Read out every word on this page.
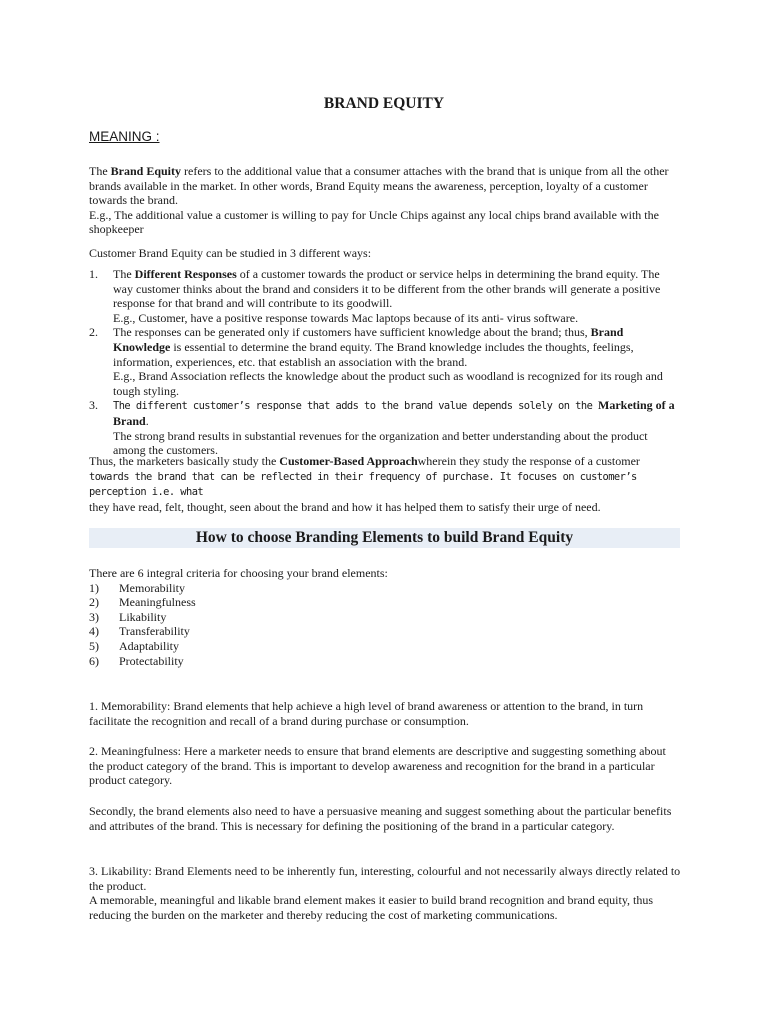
BRAND EQUITY
MEANING :

The Brand Equity refers to the additional value that a consumer attaches with the brand that is unique from all the other brands available in the market. In other words, Brand Equity means the awareness, perception, loyalty of a customer towards the brand.

E.g., The additional value a customer is willing to pay for Uncle Chips against any local chips brand available with the shopkeeper

Customer Brand Equity can be studied in 3 different ways:
1. The Different Responses of a customer towards the product or service helps in determining the brand equity. The way customer thinks about the brand and considers it to be different from the other brands will generate a positive response for that brand and will contribute to its goodwill.
E.g., Customer, have a positive response towards Mac laptops because of its anti- virus software.
2. The responses can be generated only if customers have sufficient knowledge about the brand; thus, Brand Knowledge is essential to determine the brand equity. The Brand knowledge includes the thoughts, feelings, information, experiences, etc. that establish an association with the brand.
E.g., Brand Association reflects the knowledge about the product such as woodland is recognized for its rough and tough styling.
3. The different customer’s response that adds to the brand value depends solely on the Marketing of a Brand.
The strong brand results in substantial revenues for the organization and better understanding about the product among the customers.
Thus, the marketers basically study the Customer-Based Approachwherein they study the response of a customer
towards the brand that can be reflected in their frequency of purchase. It focuses on customer’s perception i.e. what
they have read, felt, thought, seen about the brand and how it has helped them to satisfy their urge of need.
How to choose Branding Elements to build Brand Equity
There are 6 integral criteria for choosing your brand elements:
1) Memorability
2) Meaningfulness
3) Likability
4) Transferability
5) Adaptability
6) Protectability
1. Memorability: Brand elements that help achieve a high level of brand awareness or attention to the brand, in turn facilitate the recognition and recall of a brand during purchase or consumption.
2. Meaningfulness: Here a marketer needs to ensure that brand elements are descriptive and suggesting something about the product category of the brand. This is important to develop awareness and recognition for the brand in a particular product category.
Secondly, the brand elements also need to have a persuasive meaning and suggest something about the particular benefits and attributes of the brand. This is necessary for defining the positioning of the brand in a particular category.

3. Likability: Brand Elements need to be inherently fun, interesting, colourful and not necessarily always directly related to the product.

A memorable, meaningful and likable brand element makes it easier to build brand recognition and brand equity, thus reducing the burden on the marketer and thereby reducing the cost of marketing communications.
